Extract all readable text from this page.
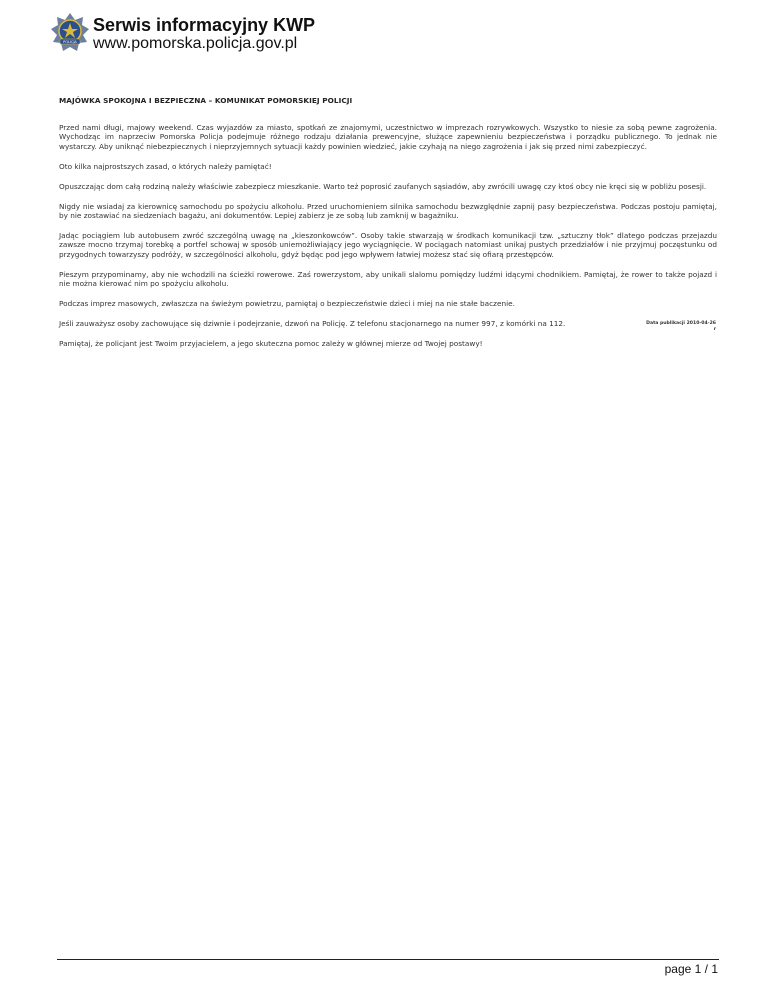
POLICJA
Serwis informacyjny KWP
www.pomorska.policja.gov.pl
MAJÓWKA SPOKOJNA I BEZPIECZNA – KOMUNIKAT POMORSKIEJ POLICJI

Przed nami długi, majowy weekend. Czas wyjazdów za miasto, spotkań ze znajomymi, uczestnictwo w imprezach rozrywkowych. Wszystko to niesie za sobą pewne zagrożenia. Wychodząc im naprzeciw Pomorska Policja podejmuje różnego rodzaju działania prewencyjne, służące zapewnieniu bezpieczeństwa i porządku publicznego. To jednak nie wystarczy. Aby uniknąć niebezpiecznych i nieprzyjemnych sytuacji każdy powinien wiedzieć, jakie czyhają na niego zagrożenia i jak się przed nimi zabezpieczyć.

Oto kilka najprostszych zasad, o których należy pamiętać!

Opuszczając dom całą rodziną należy właściwie zabezpiecz mieszkanie. Warto też poprosić zaufanych sąsiadów, aby zwrócili uwagę czy ktoś obcy nie kręci się w pobliżu posesji.

Nigdy nie wsiadaj za kierownicę samochodu po spożyciu alkoholu. Przed uruchomieniem silnika samochodu bezwzględnie zapnij pasy bezpieczeństwa. Podczas postoju pamiętaj, by nie zostawiać na siedzeniach bagażu, ani dokumentów. Lepiej zabierz je ze sobą lub zamknij w bagażniku.

Jadąc pociągiem lub autobusem zwróć szczególną uwagę na „kieszonkowców”. Osoby takie stwarzają w środkach komunikacji tzw. „sztuczny tłok” dlatego podczas przejazdu zawsze mocno trzymaj torebkę a portfel schowaj w sposób uniemożliwiający jego wyciągnięcie. W pociągach natomiast unikaj pustych przedziałów i nie przyjmuj poczęstunku od przygodnych towarzyszy podróży, w szczególności alkoholu, gdyż będąc pod jego wpływem łatwiej możesz stać się ofiarą przestępców.

Pieszym przypominamy, aby nie wchodzili na ścieżki rowerowe. Zaś rowerzystom, aby unikali slalomu pomiędzy ludźmi idącymi chodnikiem. Pamiętaj, że rower to także pojazd i nie można kierować nim po spożyciu alkoholu.

Podczas imprez masowych, zwłaszcza na świeżym powietrzu, pamiętaj o bezpieczeństwie dzieci i miej na nie stałe baczenie.

Jeśli zauważysz osoby zachowujące się dziwnie i podejrzanie, dzwoń na Policję. Z telefonu stacjonarnego na numer 997, z komórki na 112.

Pamiętaj, że policjant jest Twoim przyjacielem, a jego skuteczna pomoc zależy w głównej mierze od Twojej postawy!

Data publikacji 2010-04-26
r
page 1 / 1
